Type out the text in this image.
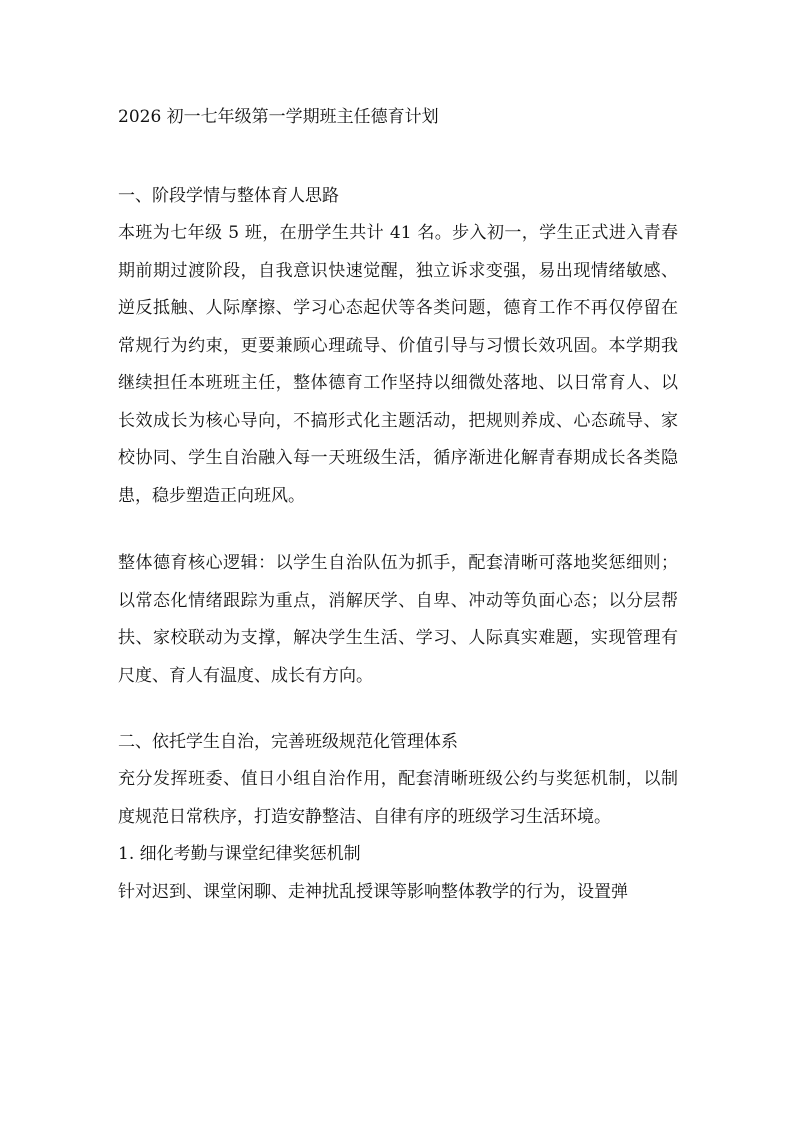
2026 初一七年级第一学期班主任德育计划

一、阶段学情与整体育人思路

本班为七年级 5 班，在册学生共计 41 名。步入初一，学生正式进入青春期前期过渡阶段，自我意识快速觉醒，独立诉求变强，易出现情绪敏感、逆反抵触、人际摩擦、学习心态起伏等各类问题，德育工作不再仅停留在常规行为约束，更要兼顾心理疏导、价值引导与习惯长效巩固。本学期我继续担任本班班主任，整体德育工作坚持以细微处落地、以日常育人、以长效成长为核心导向，不搞形式化主题活动，把规则养成、心态疏导、家校协同、学生自治融入每一天班级生活，循序渐进化解青春期成长各类隐患，稳步塑造正向班风。

整体德育核心逻辑：以学生自治队伍为抓手，配套清晰可落地奖惩细则；以常态化情绪跟踪为重点，消解厌学、自卑、冲动等负面心态；以分层帮扶、家校联动为支撑，解决学生生活、学习、人际真实难题，实现管理有尺度、育人有温度、成长有方向。

二、依托学生自治，完善班级规范化管理体系

充分发挥班委、值日小组自治作用，配套清晰班级公约与奖惩机制，以制度规范日常秩序，打造安静整洁、自律有序的班级学习生活环境。

1. 细化考勤与课堂纪律奖惩机制

针对迟到、课堂闲聊、走神扰乱授课等影响整体教学的行为，设置弹
